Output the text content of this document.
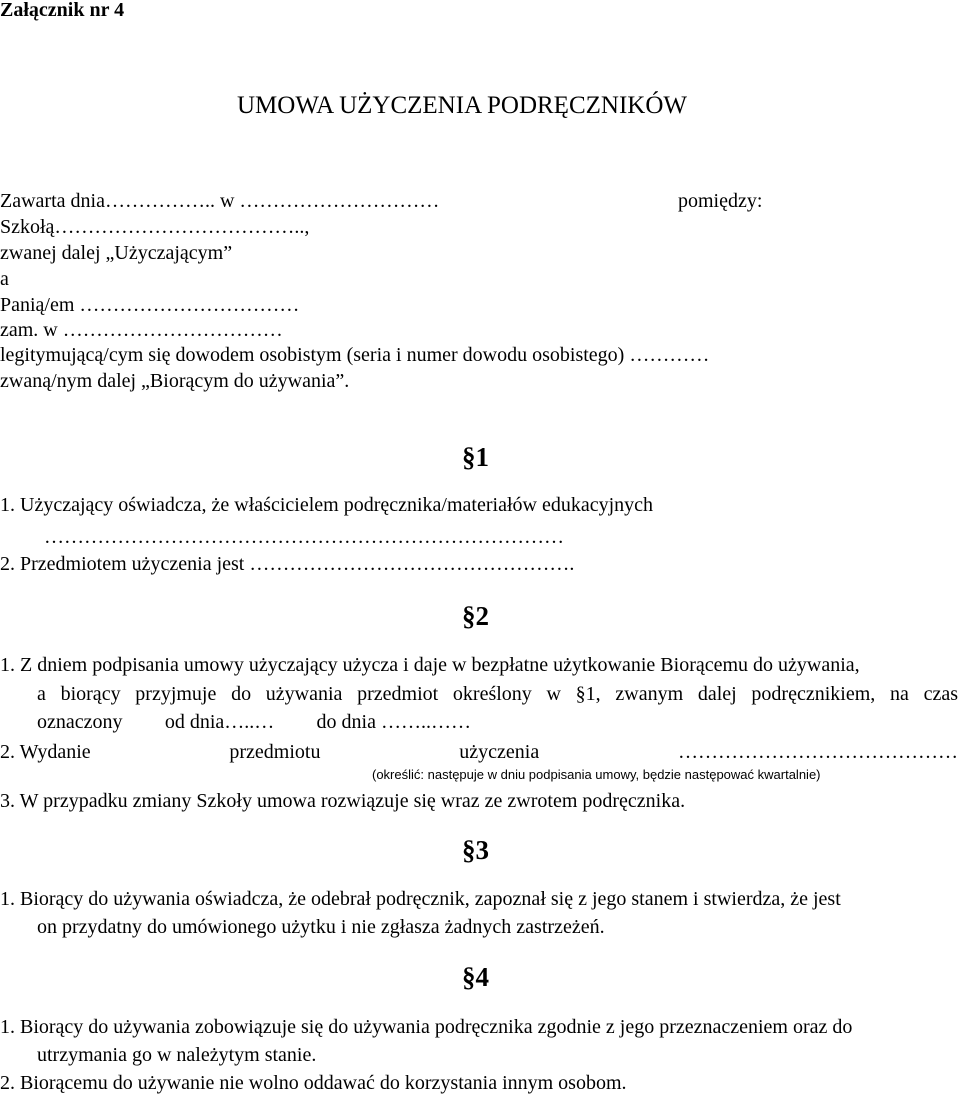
Załącznik nr 4
UMOWA UŻYCZENIA PODRĘCZNIKÓW
Zawarta dnia…………….. w …………………………	pomiędzy:
Szkołą………………………………..,
zwanej dalej „Użyczającym”
a
Panią/em ……………………………
zam. w ……………………………
legitymującą/cym się dowodem osobistym (seria i numer dowodu osobistego) …………
zwaną/nym dalej „Biorącym do używania”.
§1
1. Użyczający oświadcza, że właścicielem podręcznika/materiałów edukacyjnych
……………………………………………………………………
2. Przedmiotem użyczenia jest ………………………………………….
§2
1. Z dniem podpisania umowy użyczający użycza i daje w bezpłatne użytkowanie Biorącemu do używania,
a biorący przyjmuje do używania przedmiot określony w §1, zwanym dalej podręcznikiem, na czas
oznaczony od dnia…..… do dnia ……..……
2. Wydanie	przedmiotu	użyczenia	……………………………………
(określić: następuje w dniu podpisania umowy, będzie następować kwartalnie)
3. W przypadku zmiany Szkoły umowa rozwiązuje się wraz ze zwrotem podręcznika.
§3
1. Biorący do używania oświadcza, że odebrał podręcznik, zapoznał się z jego stanem i stwierdza, że jest
on przydatny do umówionego użytku i nie zgłasza żadnych zastrzeżeń.
§4
1. Biorący do używania zobowiązuje się do używania podręcznika zgodnie z jego przeznaczeniem oraz do
utrzymania go w należytym stanie.
2. Biorącemu do używanie nie wolno oddawać do korzystania innym osobom.
